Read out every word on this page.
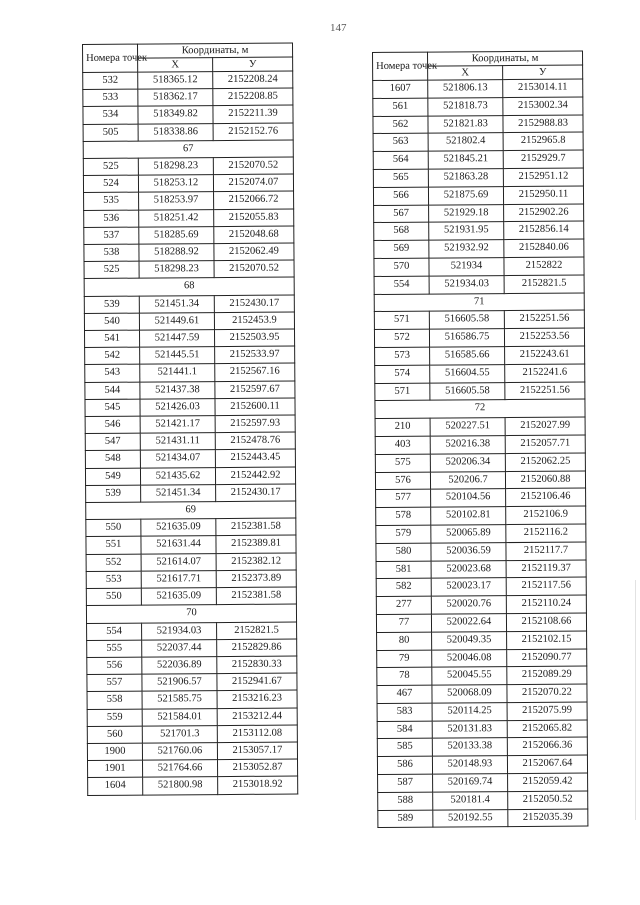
147
Номера точек	Координаты, м	
	X	У
532	518365.12	2152208.24
533	518362.17	2152208.85
534	518349.82	2152211.39
505	518338.86	2152152.76
67		
525	518298.23	2152070.52
524	518253.12	2152074.07
535	518253.97	2152066.72
536	518251.42	2152055.83
537	518285.69	2152048.68
538	518288.92	2152062.49
525	518298.23	2152070.52
68		
539	521451.34	2152430.17
540	521449.61	2152453.9
541	521447.59	2152503.95
542	521445.51	2152533.97
543	521441.1	2152567.16
544	521437.38	2152597.67
545	521426.03	2152600.11
546	521421.17	2152597.93
547	521431.11	2152478.76
548	521434.07	2152443.45
549	521435.62	2152442.92
539	521451.34	2152430.17
69		
550	521635.09	2152381.58
551	521631.44	2152389.81
552	521614.07	2152382.12
553	521617.71	2152373.89
550	521635.09	2152381.58
70		
554	521934.03	2152821.5
555	522037.44	2152829.86
556	522036.89	2152830.33
557	521906.57	2152941.67
558	521585.75	2153216.23
559	521584.01	2153212.44
560	521701.3	2153112.08
1900	521760.06	2153057.17
1901	521764.66	2153052.87
1604	521800.98	2153018.92
Номера точек	Координаты, м	
	X	У
1607	521806.13	2153014.11
561	521818.73	2153002.34
562	521821.83	2152988.83
563	521802.4	2152965.8
564	521845.21	2152929.7
565	521863.28	2152951.12
566	521875.69	2152950.11
567	521929.18	2152902.26
568	521931.95	2152856.14
569	521932.92	2152840.06
570	521934	2152822
554	521934.03	2152821.5
71		
571	516605.58	2152251.56
572	516586.75	2152253.56
573	516585.66	2152243.61
574	516604.55	2152241.6
571	516605.58	2152251.56
72		
210	520227.51	2152027.99
403	520216.38	2152057.71
575	520206.34	2152062.25
576	520206.7	2152060.88
577	520104.56	2152106.46
578	520102.81	2152106.9
579	520065.89	2152116.2
580	520036.59	2152117.7
581	520023.68	2152119.37
582	520023.17	2152117.56
277	520020.76	2152110.24
77	520022.64	2152108.66
80	520049.35	2152102.15
79	520046.08	2152090.77
78	520045.55	2152089.29
467	520068.09	2152070.22
583	520114.25	2152075.99
584	520131.83	2152065.82
585	520133.38	2152066.36
586	520148.93	2152067.64
587	520169.74	2152059.42
588	520181.4	2152050.52
589	520192.55	2152035.39
